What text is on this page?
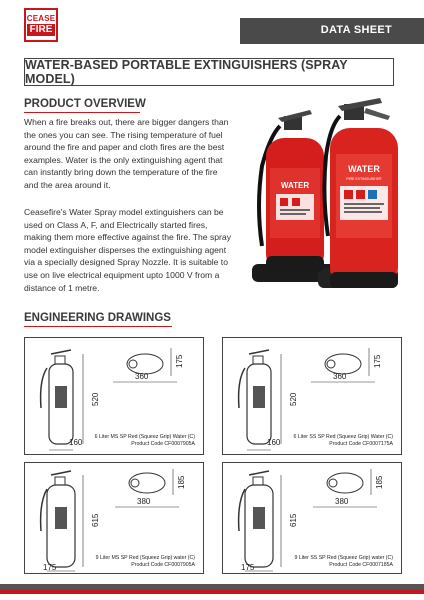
CEASE
FIRE	DATA SHEET
WATER-BASED PORTABLE EXTINGUISHERS (SPRAY MODEL)
PRODUCT OVERVIEW

When a fire breaks out, there are bigger dangers than the ones you can see. The rising temperature of fuel around the fire and paper and cloth fires are the best examples. Water is the only extinguishing agent that can instantly bring down the temperature of the fire and the area around it.

Ceasefire's Water Spray model extinguishers can be used on Class A, F, and Electrically started fires, making them more effective against the fire. The spray model extinguisher disperses the extinguishing agent via a specially designed Spray Nozzle. It is suitable to use on live electrical equipment upto 1000 V from a distance of 1 metre.

WATER
WATER
FIRE EXTINGUISHER
ENGINEERING DRAWINGS
520
360
175
160
6 Liter MS SP Red (Squeez Grip) Water (C)
Product Code CF0007905A
520
360
175
160
6 Liter SS SP Red (Squeez Grip) Water (C)
Product Code CF0007175A
615
380
185
175
9 Liter MS SP Red (Squeez Grip) water (C)
Product Code CF0007905A
615
380
185
175
9 Liter SS SP Red (Squeez Grip) water (C)
Product Code CF0007185A
